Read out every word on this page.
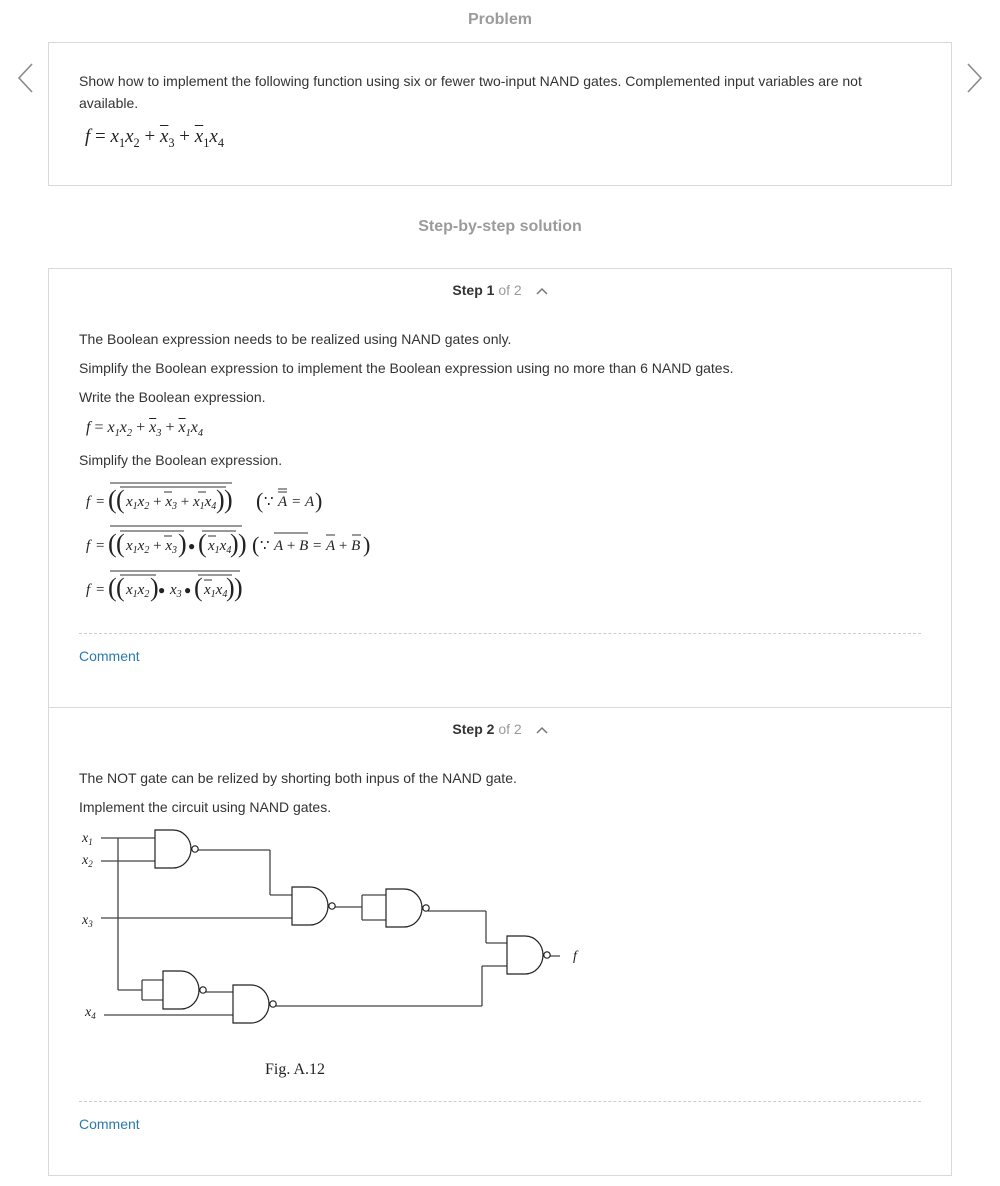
Problem
Show how to implement the following function using six or fewer two-input NAND gates. Complemented input variables are not available.
$f = x_1x_2 + \overline{x}_3 + \overline{x}_1x_4$
Step-by-step solution
Step 1 of 2
The Boolean expression needs to be realized using NAND gates only.
Simplify the Boolean expression to implement the Boolean expression using no more than 6 NAND gates.
Write the Boolean expression.
$f = x_1x_2 + \overline{x}_3 + \overline{x}_1x_4$
Simplify the Boolean expression.
f = ( ( $x_1x_2 + x_3 + x_1x_4$ ) ) ( ∵ A = A )
f = ( ( $x_1x_2 + x_3$ ) ● ( $x_1x_4$
) ) ( ∵ A + B = A + B )
f = ( ( $x_1x_2$ ) ● $x_3$ ● ( $x_1x_4$
) )
Comment
Step 2 of 2
The NOT gate can be relized by shorting both inpus of the NAND gate.
Implement the circuit using NAND gates.
$x_1$
$x_2$
$x_3$
$x_4$
f
Fig. A.12
Comment
